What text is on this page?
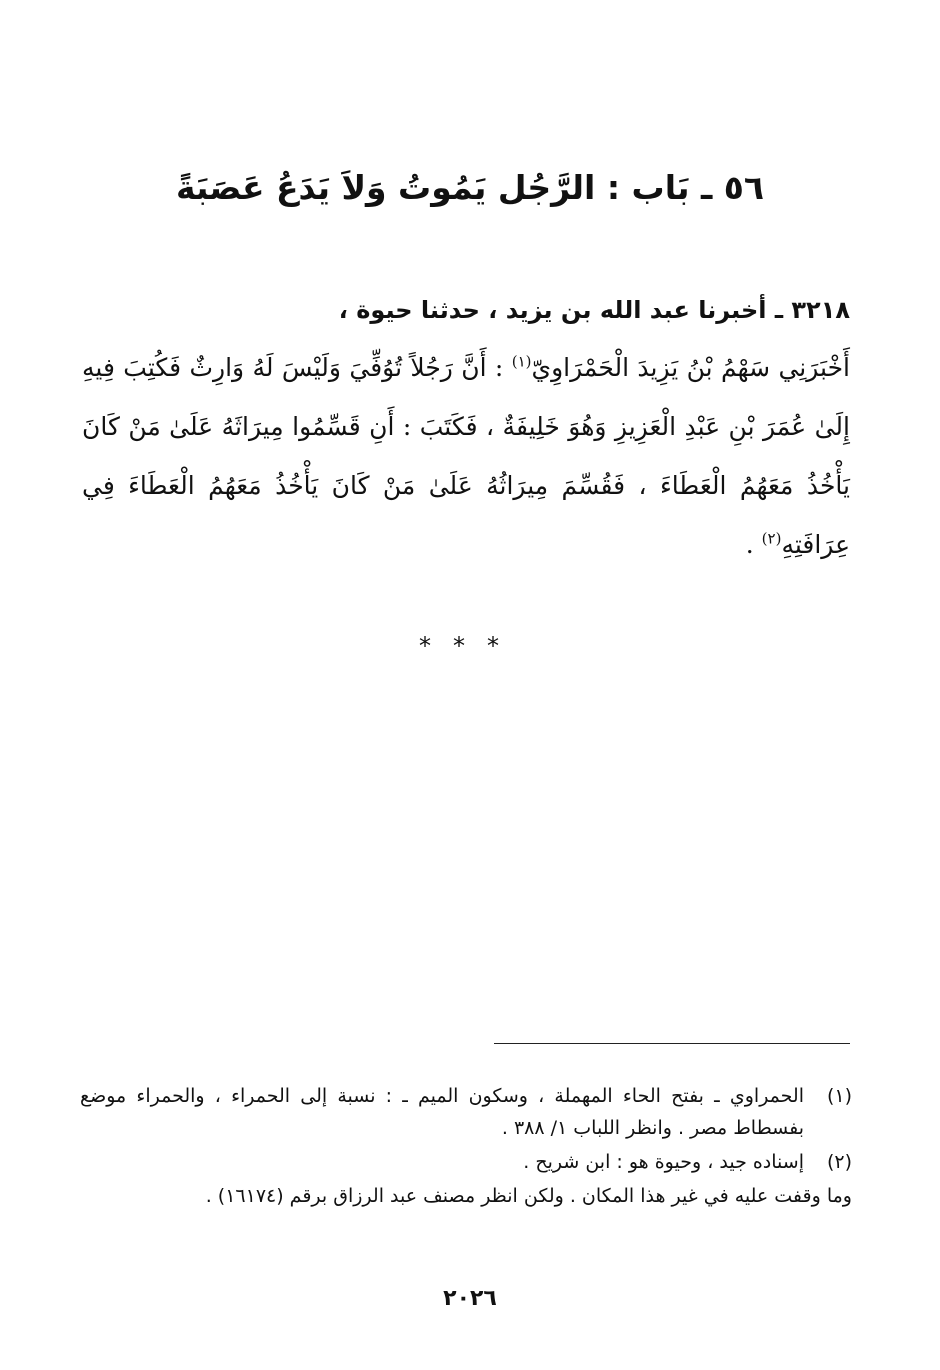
٥٦ ـ بَاب : الرَّجُل يَمُوتُ وَلاَ يَدَعُ عَصَبَةً

٣٢١٨ ـ أخبرنا عبد الله بن يزيد ، حدثنا حيوة ،

أَخْبَرَنِي سَهْمُ بْنُ يَزِيدَ الْحَمْرَاوِيّ$^{(١)}$ : أَنَّ رَجُلاً تُوُفِّيَ وَلَيْسَ لَهُ وَارِثٌ فَكُتِبَ فِيهِ إِلَىٰ عُمَرَ بْنِ عَبْدِ الْعَزِيزِ وَهُوَ خَلِيفَةٌ ، فَكَتَبَ : أَنِ قَسِّمُوا مِيرَاثَهُ عَلَىٰ مَنْ كَانَ يَأْخُذُ مَعَهُمُ الْعَطَاءَ ، فَقُسِّمَ مِيرَاثُهُ عَلَىٰ مَنْ كَانَ يَأْخُذُ مَعَهُمُ الْعَطَاءَ فِي عِرَافَتِهِ$^{(٢)}$ .

***
(١)

الحمراوي ـ بفتح الحاء المهملة ، وسكون الميم ـ : نسبة إلى الحمراء ، والحمراء موضع بفسطاط مصر . وانظر اللباب ١/ ٣٨٨ .

(٢)

إسناده جيد ، وحيوة هو : ابن شريح .

وما وقفت عليه في غير هذا المكان . ولكن انظر مصنف عبد الرزاق برقم (١٦١٧٤) .

٢٠٢٦
